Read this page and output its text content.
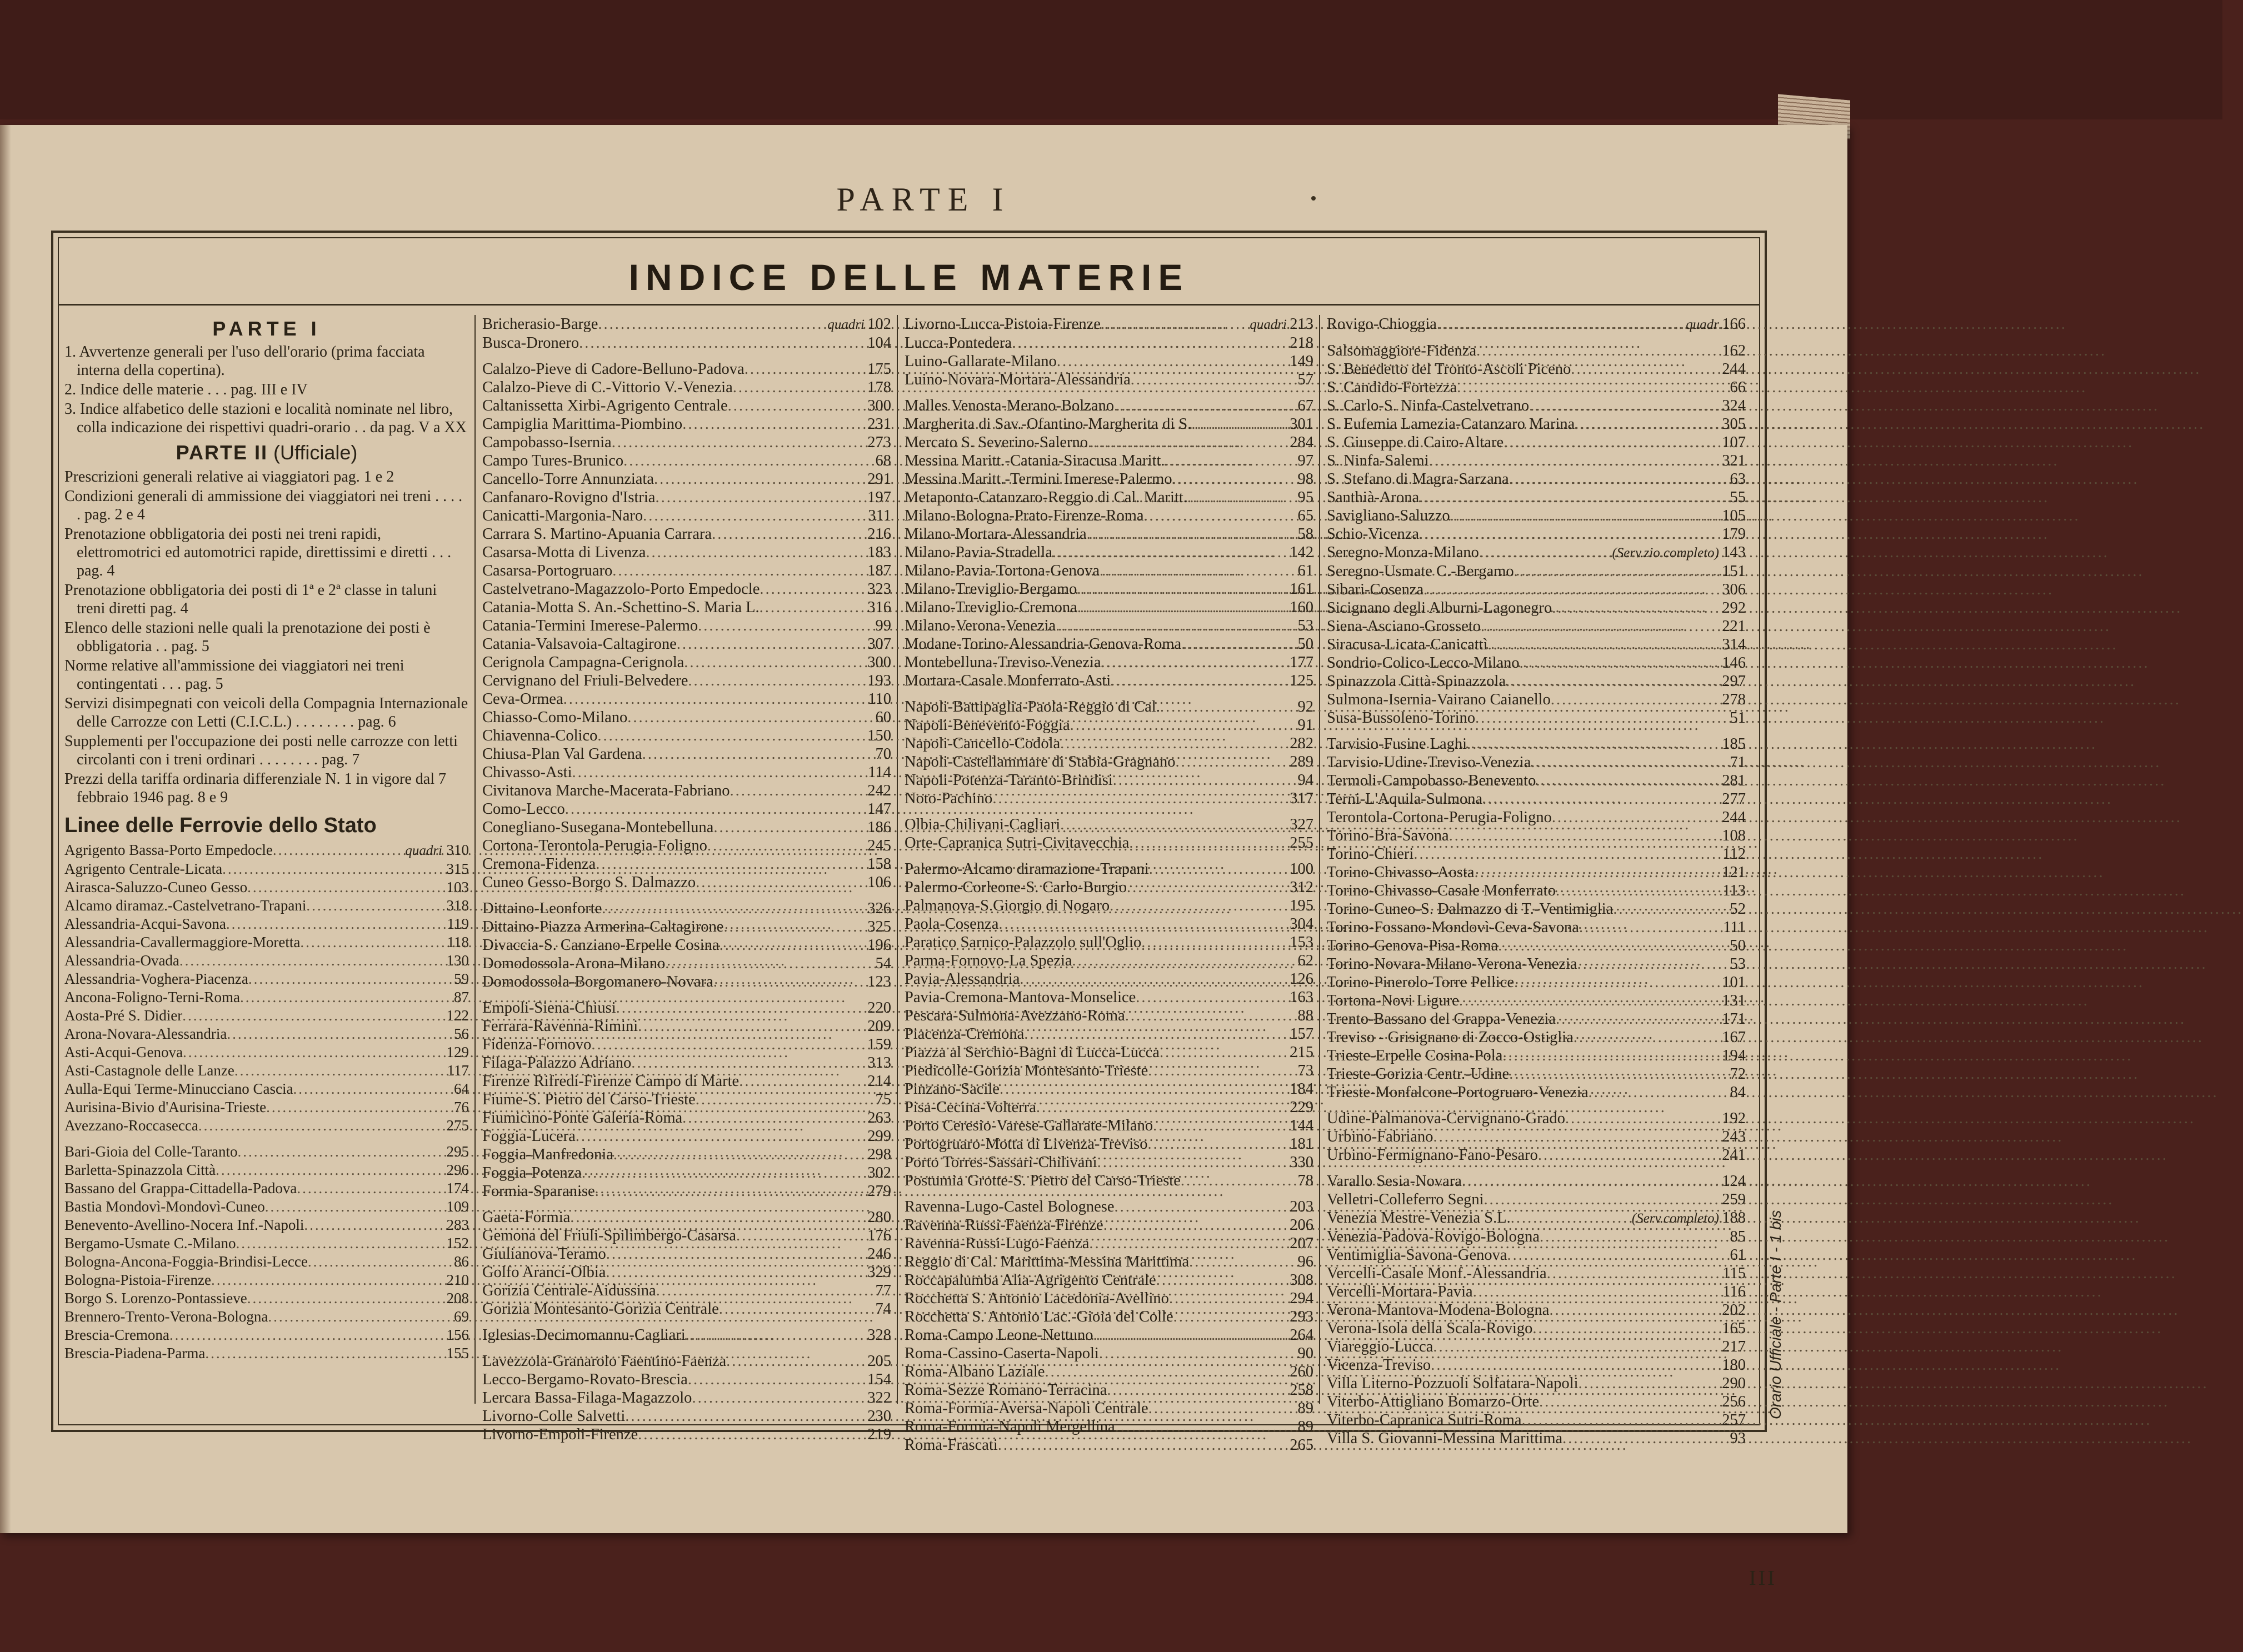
PARTE I
INDICE DELLE MATERIE
PARTE I
1. Avvertenze generali per l'uso dell'orario (prima facciata interna della copertina).
2. Indice delle materie . . . pag. III e IV
3. Indice alfabetico delle stazioni e località nominate nel libro, colla indicazione dei rispettivi quadri-orario . . da pag. V a XX
PARTE II (Ufficiale)
Prescrizioni generali relative ai viaggiatori pag. 1 e 2
Condizioni generali di ammissione dei viaggiatori nei treni . . . . . pag. 2 e 4
Prenotazione obbligatoria dei posti nei treni rapidi, elettromotrici ed automotrici rapide, direttissimi e diretti . . . pag. 4
Prenotazione obbligatoria dei posti di 1ª e 2ª classe in taluni treni diretti pag. 4
Elenco delle stazioni nelle quali la prenotazione dei posti è obbligatoria . . pag. 5
Norme relative all'ammissione dei viaggiatori nei treni contingentati . . . pag. 5
Servizi disimpegnati con veicoli della Compagnia Internazionale delle Carrozze con Letti (C.I.C.L.) . . . . . . . . pag. 6
Supplementi per l'occupazione dei posti nelle carrozze con letti circolanti con i treni ordinari . . . . . . . . pag. 7
Prezzi della tariffa ordinaria differenziale N. 1 in vigore dal 7 febbraio 1946 pag. 8 e 9
Linee delle Ferrovie dello Stato
Agrigento Bassa-Porto Empedocle .....	quadri 310
Agrigento Centrale-Licata .....	315
Airasca-Saluzzo-Cuneo Gesso .....	103
Alcamo diramaz.-Castelvetrano-Trapani .....	318
Alessandria-Acqui-Savona .....	119
Alessandria-Cavallermaggiore-Moretta .....	118
Alessandria-Ovada .....	130
Alessandria-Voghera-Piacenza .....	59
Ancona-Foligno-Terni-Roma .....	87
Aosta-Pré S. Didier .....	122
Arona-Novara-Alessandria .....	56
Asti-Acqui-Genova .....	129
Asti-Castagnole delle Lanze .....	117
Aulla-Equi Terme-Minucciano Cascia .....	64
Aurisina-Bivio d'Aurisina-Trieste .....	76
Avezzano-Roccasecca .....	275
Bari-Gioia del Colle-Taranto .....	295
Barletta-Spinazzola Città .....	296
Bassano del Grappa-Cittadella-Padova .....	174
Bastia Mondovì-Mondovì-Cuneo .....	109
Benevento-Avellino-Nocera Inf.-Napoli .....	283
Bergamo-Usmate C.-Milano .....	152
Bologna-Ancona-Foggia-Brindisi-Lecce .....	86
Bologna-Pistoia-Firenze .....	210
Borgo S. Lorenzo-Pontassieve .....	208
Brennero-Trento-Verona-Bologna .....	69
Brescia-Cremona .....	156
Brescia-Piadena-Parma .....	155
Bricherasio-Barge .....	quadri 102
Busca-Dronero .....	104
Calalzo-Pieve di Cadore-Belluno-Padova .....	175
Calalzo-Pieve di C.-Vittorio V.-Venezia .....	178
Caltanissetta Xirbi-Agrigento Centrale .....	300
Campiglia Marittima-Piombino .....	231
Campobasso-Isernia .....	273
Campo Tures-Brunico .....	68
Cancello-Torre Annunziata .....	291
Canfanaro-Rovigno d'Istria .....	197
Canicatti-Margonia-Naro .....	311
Carrara S. Martino-Apuania Carrara .....	216
Casarsa-Motta di Livenza .....	183
Casarsa-Portogruaro .....	187
Castelvetrano-Magazzolo-Porto Empedocle .....	323
Catania-Motta S. An.-Schettino-S. Maria L. .....	316
Catania-Termini Imerese-Palermo .....	99
Catania-Valsavoia-Caltagirone .....	307
Cerignola Campagna-Cerignola .....	300
Cervignano del Friuli-Belvedere .....	193
Ceva-Ormea .....	110
Chiasso-Como-Milano .....	60
Chiavenna-Colico .....	150
Chiusa-Plan Val Gardena .....	70
Chivasso-Asti .....	114
Civitanova Marche-Macerata-Fabriano .....	242
Como-Lecco .....	147
Conegliano-Susegana-Montebelluna .....	186
Cortona-Terontola-Perugia-Foligno .....	245
Cremona-Fidenza .....	158
Cuneo Gesso-Borgo S. Dalmazzo .....	106
Dittaino-Leonforte .....	326
Dittaino-Piazza Armerina-Caltagirone .....	325
Divaccia-S. Canziano-Erpelle Cosina .....	196
Domodossola-Arona-Milano .....	54
Domodossola-Borgomanero-Novara .....	123
Empoli-Siena-Chiusi .....	220
Ferrara-Ravenna-Rimini .....	209
Fidenza-Fornovo .....	159
Filaga-Palazzo Adriano .....	313
Firenze Rifredi-Firenze Campo di Marte .....	214
Fiume-S. Pietro del Carso-Trieste .....	75
Fiumicino-Ponte Galeria-Roma .....	263
Foggia-Lucera .....	299
Foggia-Manfredonia .....	298
Foggia-Potenza .....	302
Formia-Sparanise .....	279
Gaeta-Formia .....	280
Gemona del Friuli-Spilimbergo-Casarsa .....	176
Giulianova-Teramo .....	246
Golfo Aranci-Olbia .....	329
Gorizia Centrale-Aidussina .....	77
Gorizia Montesanto-Gorizia Centrale .....	74
Iglesias-Decimomannu-Cagliari .....	328
Lavezzola-Granarolo Faentino-Faenza .....	205
Lecco-Bergamo-Rovato-Brescia .....	154
Lercara Bassa-Filaga-Magazzolo .....	322
Livorno-Colle Salvetti .....	230
Livorno-Empoli-Firenze .....	219
Livorno-Lucca-Pistoia-Firenze .....	quadri 213
Lucca-Pontedera .....	218
Luino-Gallarate-Milano .....	149
Luino-Novara-Mortara-Alessandria .....	57
Malles Venosta-Merano-Bolzano .....	67
Margherita di Sav.-Ofantino-Margherita di S. .....	301
Mercato S. Severino-Salerno .....	284
Messina Maritt.-Catania-Siracusa Maritt. .....	97
Messina Maritt.-Termini Imerese-Palermo .....	98
Metaponto-Catanzaro-Reggio di Cal. Maritt. .....	95
Milano-Bologna-Prato-Firenze-Roma .....	65
Milano-Mortara-Alessandria .....	58
Milano-Pavia-Stradella .....	142
Milano-Pavia-Tortona-Genova .....	61
Milano-Treviglio-Bergamo .....	161
Milano-Treviglio-Cremona .....	160
Milano-Verona-Venezia .....	53
Modane-Torino-Alessandria-Genova-Roma .....	50
Montebelluna-Treviso-Venezia .....	177
Mortara-Casale Monferrato-Asti .....	125
Napoli-Battipaglia-Paola-Reggio di Cal. .....	92
Napoli-Benevento-Foggia .....	91
Napoli-Cancello-Codola .....	282
Napoli-Castellammare di Stabia-Gragnano .....	289
Napoli-Potenza-Taranto-Brindisi .....	94
Noto-Pachino .....	317
Olbia-Chilivani-Cagliari .....	327
Orte-Capranica Sutri-Civitavecchia .....	255
Palermo-Alcamo diramazione-Trapani .....	100
Palermo-Corleone-S. Carlo-Burgio .....	312
Palmanova-S.Giorgio di Nogaro .....	195
Paola-Cosenza .....	304
Paratico Sarnico-Palazzolo sull'Oglio .....	153
Parma-Fornovo-La Spezia .....	62
Pavia-Alessandria .....	126
Pavia-Cremona-Mantova-Monselice .....	163
Pescara-Sulmona-Avezzano-Roma .....	88
Piacenza-Cremona .....	157
Piazza al Serchio-Bagni di Lucca-Lucca .....	215
Piedicolle-Gorizia Montesanto-Trieste .....	73
Pinzano-Sacile .....	184
Pisa-Cecina-Volterra .....	229
Porto Ceresio-Varese-Gallarate-Milano .....	144
Portogruaro-Motta di Livenza-Treviso .....	181
Porto Torres-Sassari-Chilivani .....	330
Postumia Grotte-S. Pietro del Carso-Trieste .....	78
Ravenna-Lugo-Castel Bolognese .....	203
Ravenna-Russi-Faenza-Firenze .....	206
Ravenna-Russi-Lugo-Faenza .....	207
Reggio di Cal. Marittima-Messina Marittima .....	96
Roccapalumba Alia-Agrigento Centrale .....	308
Rocchetta S. Antonio Lacedonia-Avellino .....	294
Rocchetta S. Antonio Lac.-Gioia del Colle .....	293
Roma-Campo Leone-Nettuno .....	264
Roma-Cassino-Caserta-Napoli .....	90
Roma-Albano Laziale .....	260
Roma-Sezze Romano-Terracina .....	258
Roma-Formia-Aversa-Napoli Centrale .....	89
Roma-Formia-Napoli Mergellina .....	89
Roma-Frascati .....	265
Rovigo-Chioggia .....	quadr 166
Salsomaggiore-Fidenza .....	162
S. Benedetto del Tronto-Ascoli Piceno .....	244
S. Candido-Fortezza .....	66
S. Carlo-S. Ninfa-Castelvetrano .....	324
S. Eufemia Lamezia-Catanzaro Marina .....	305
S. Giuseppe di Cairo-Altare .....	107
S. Ninfa-Salemi .....	321
S. Stefano di Magra-Sarzana .....	63
Santhià-Arona .....	55
Savigliano-Saluzzo .....	105
Schio-Vicenza .....	179
Seregno-Monza-Milano .....	(Serv.zio completo) 143
Seregno-Usmate C.-Bergamo .....	151
Sibari-Cosenza .....	306
Sicignano degli Alburni-Lagonegro .....	292
Siena-Asciano-Grosseto .....	221
Siracusa-Licata-Canicattì .....	314
Sondrio-Colico-Lecco-Milano .....	146
Spinazzola Città-Spinazzola .....	297
Sulmona-Isernia-Vairano Caianello .....	278
Susa-Bussoleno-Torino .....	51
Tarvisio-Fusine Laghi .....	185
Tarvisio-Udine-Treviso-Venezia .....	71
Termoli-Campobasso-Benevento .....	281
Terni-L'Aquila-Sulmona .....	277
Terontola-Cortona-Perugia-Foligno .....	244
Torino-Bra-Savona .....	108
Torino-Chieri .....	112
Torino-Chivasso-Aosta .....	121
Torino-Chivasso-Casale Monferrato .....	113
Torino-Cuneo-S. Dalmazzo di T.-Ventimiglia .....	52
Torino-Fossano-Mondovì-Ceva-Savona .....	111
Torino-Genova-Pisa-Roma .....	50
Torino-Novara-Milano-Verona-Venezia .....	53
Torino-Pinerolo-Torre Pellice .....	101
Tortona-Novi Ligure .....	131
Trento-Bassano del Grappa-Venezia .....	171
Treviso - Grisignano di Zocco-Ostiglia .....	167
Trieste-Erpelle Cosina-Pola .....	194
Trieste-Gorizia Centr.-Udine .....	72
Trieste-Monfalcone-Portogruaro-Venezia .....	84
Udine-Palmanova-Cervignano-Grado .....	192
Urbino-Fabriano .....	243
Urbino-Fermignano-Fano-Pesaro .....	241
Varallo Sesia-Novara .....	124
Velletri-Colleferro Segni .....	259
Venezia Mestre-Venezia S.L. .....	(Serv.completo) 188
Venezia-Padova-Rovigo-Bologna .....	85
Ventimiglia-Savona-Genova .....	61
Vercelli-Casale Monf.-Alessandria .....	115
Vercelli-Mortara-Pavia .....	116
Verona-Mantova-Modena-Bologna .....	202
Verona-Isola della Scala-Rovigo .....	165
Viareggio-Lucca .....	217
Vicenza-Treviso .....	180
Villa Literno-Pozzuoli Solfatara-Napoli .....	290
Viterbo-Attigliano Bomarzo-Orte .....	256
Viterbo-Capranica Sutri-Roma .....	257
Villa S. Giovanni-Messina Marittima .....	93
III
Orario Ufficiale - Parte I - 1 bis
